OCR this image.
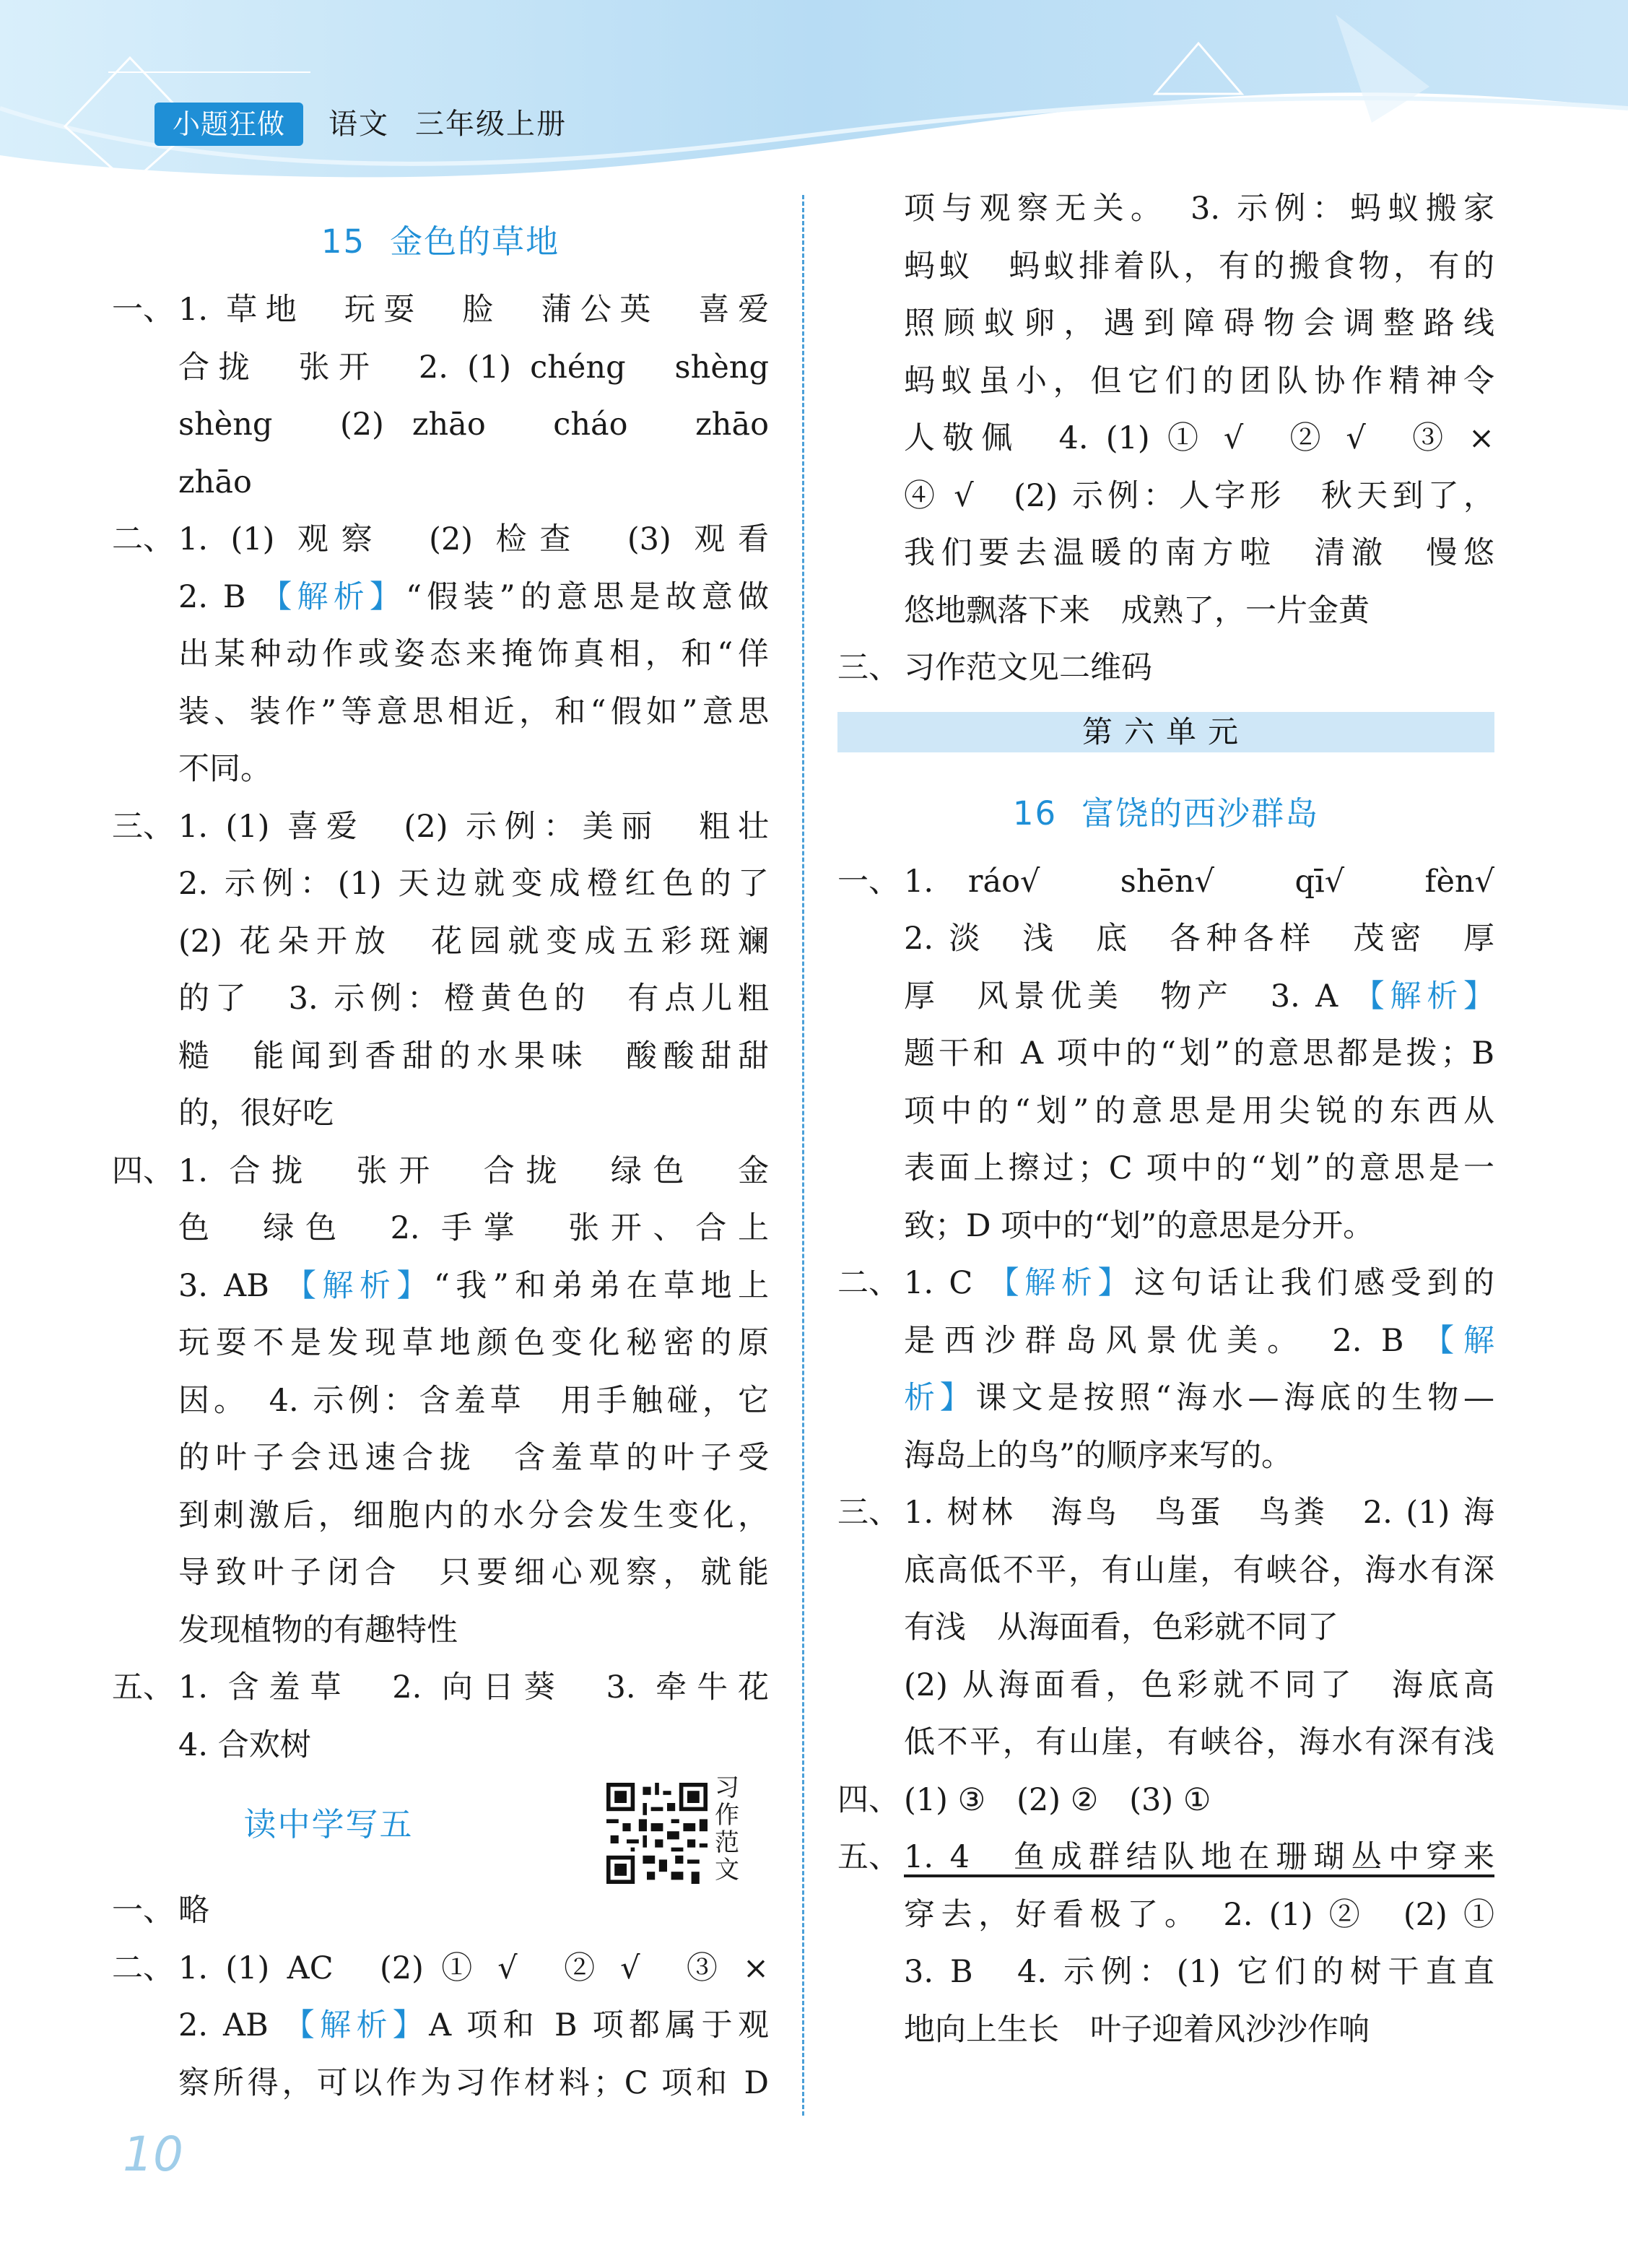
小题狂做	语文 三年级上册
15 金色的草地
一、 1. 草地　玩耍　脸　蒲公英　喜爱
合拢　张开　2. (1) chéng　shèng
shèng　(2) zhāo　cháo　zhāo
zhāo
二、 1. (1) 观察　(2) 检查　(3) 观看
2. B 【解析】“假装”的意思是故意做
出某种动作或姿态来掩饰真相，和“佯
装、装作”等意思相近，和“假如”意思
不同。
三、 1. (1) 喜爱　(2) 示例：美丽　粗壮
2. 示例：(1) 天边就变成橙红色的了
(2) 花朵开放　花园就变成五彩斑斓
的了　3. 示例：橙黄色的　有点儿粗
糙　能闻到香甜的水果味　酸酸甜甜
的，很好吃
四、 1. 合拢　张开　合拢　绿色　金
色　绿色　2. 手掌　张开、合上
3. AB 【解析】“我”和弟弟在草地上
玩耍不是发现草地颜色变化秘密的原
因。　4. 示例：含羞草　用手触碰，它
的叶子会迅速合拢　含羞草的叶子受
到刺激后，细胞内的水分会发生变化，
导致叶子闭合　只要细心观察，就能
发现植物的有趣特性
五、 1. 含羞草　2. 向日葵　3. 牵牛花
4. 合欢树
读中学写五
习作范文
一、 略
二、 1. (1) AC　(2) ① √　② √　③ ×
2. AB 【解析】A 项和 B 项都属于观
察所得，可以作为习作材料；C 项和 D
项与观察无关。　3. 示例：蚂蚁搬家
蚂蚁　蚂蚁排着队，有的搬食物，有的
照顾蚁卵，遇到障碍物会调整路线
蚂蚁虽小，但它们的团队协作精神令
人敬佩　4. (1) ① √　② √　③ ×
④ √　(2) 示例：人字形　秋天到了，
我们要去温暖的南方啦　清澈　慢悠
悠地飘落下来　成熟了，一片金黄
三、 习作范文见二维码
第六单元
16 富饶的西沙群岛
一、 1. ráo√　shēn√　qī√　fèn√
2. 淡　浅　底　各种各样　茂密　厚
厚　风景优美　物产　3. A 【解析】
题干和 A 项中的“划”的意思都是拨；B
项中的“划”的意思是用尖锐的东西从
表面上擦过；C 项中的“划”的意思是一
致；D 项中的“划”的意思是分开。
二、 1. C 【解析】这句话让我们感受到的
是西沙群岛风景优美。　2. B 【解
析】课文是按照“海水—海底的生物—
海岛上的鸟”的顺序来写的。
三、 1. 树林　海鸟　鸟蛋　鸟粪　2. (1) 海
底高低不平，有山崖，有峡谷，海水有深
有浅　从海面看，色彩就不同了
(2) 从海面看，色彩就不同了　海底高
低不平，有山崖，有峡谷，海水有深有浅
四、 (1) ③　(2) ②　(3) ①
五、 1. 4　鱼成群结队地在珊瑚丛中穿来
穿去，好看极了。　2. (1) ②　(2) ①
3. B　4. 示例：(1) 它们的树干直直
地向上生长　叶子迎着风沙沙作响
10
